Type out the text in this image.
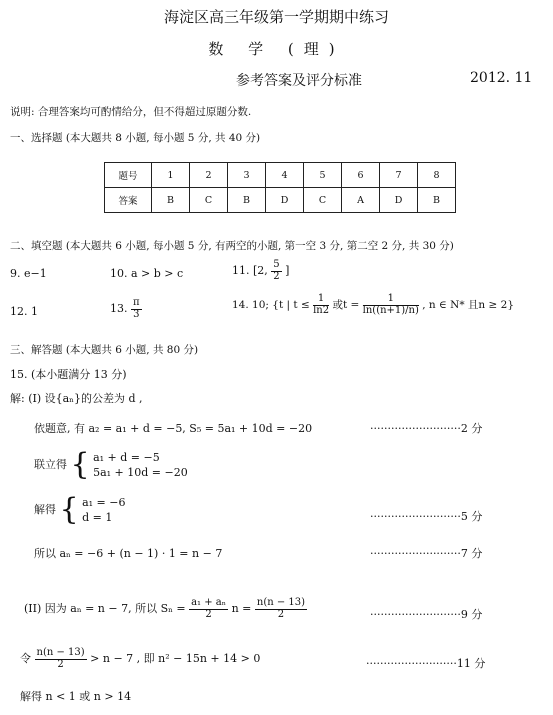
海淀区高三年级第一学期期中练习
数 学 (理)
参考答案及评分标准	2012. 11
说明: 合理答案均可酌情给分，但不得超过原题分数.
一、选择题 (本大题共 8 小题, 每小题 5 分, 共 40 分)
题号	1	2	3	4	5	6	7	8
答案	B	C	B	D	C	A	D	B
二、填空题 (本大题共 6 小题, 每小题 5 分, 有两空的小题, 第一空 3 分, 第二空 2 分, 共 30 分)
9. e−1	10. a > b > c	11. [2, $\frac{5}{2}$ ]
12. 1	13. $\frac{\pi}{3}$	14. 10; {t | $t \le \frac{1}{\ln 2}$ 或$t = \frac{1}{\ln((n+1)/n)}$ , n ∈ N* 且n ≥ 2}
三、解答题 (本大题共 6 小题, 共 80 分)
15. (本小题满分 13 分)
解: (I) 设{aₙ}的公差为 d ,
依题意, 有 a₂ = a₁ + d = −5, S₅ = 5a₁ + 10d = −20	··························2 分
联立得 { a₁ + d = −5
5a₁ + 10d = −20
解得 { a₁ = −6
d = 1	··························5 分
所以 aₙ = −6 + (n − 1) · 1 = n − 7	··························7 分
(II) 因为 aₙ = n − 7, 所以 $S_n = \frac{\text{a₁ + aₙ}}{2}$ $n = \frac{n(n - 13)}{2}$	··························9 分
令 $\frac{n(n - 13)}{2} > n - 7$ , 即 n² − 15n + 14 > 0	··························11 分
解得 n < 1 或 n > 14
